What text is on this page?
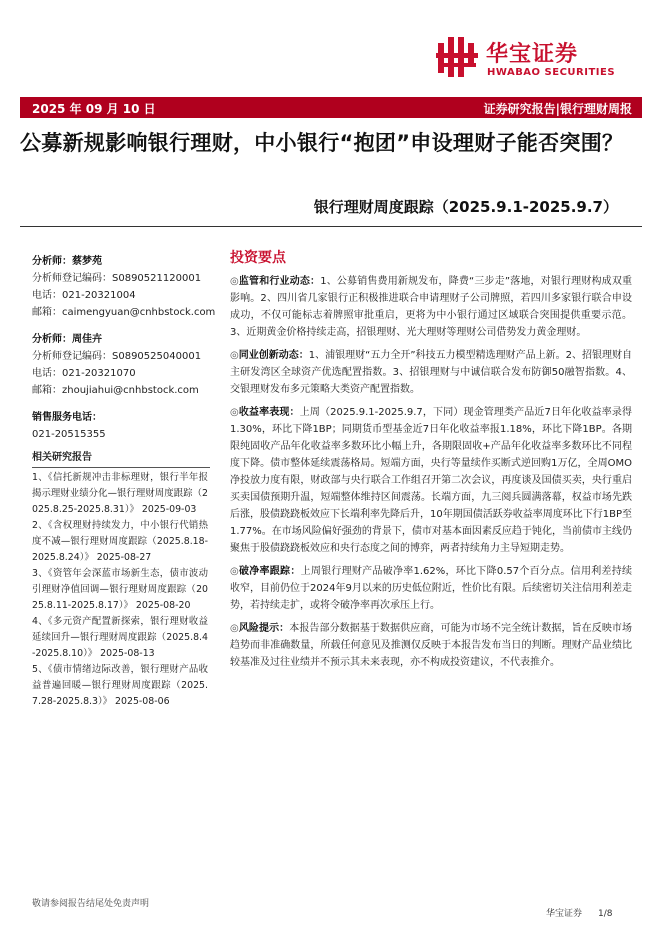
华宝证券
HWABAO SECURITIES
2025 年 09 月 10 日	证券研究报告|银行理财周报
公募新规影响银行理财，中小银行“抱团”申设理财子能否突围？
银行理财周度跟踪（2025.9.1-2025.9.7）
分析师：蔡梦苑
分析师登记编码：S0890521120001
电话：021-20321004
邮箱：caimengyuan@cnhbstock.com
分析师：周佳卉
分析师登记编码：S0890525040001
电话：021-20321070
邮箱：zhoujiahui@cnhbstock.com
销售服务电话：
021-20515355
相关研究报告
1、《信托新规冲击非标理财，银行半年报揭示理财业绩分化—银行理财周度跟踪（2025.8.25-2025.8.31）》 2025-09-03
2、《含权理财持续发力，中小银行代销热度不减—银行理财周度跟踪（2025.8.18-2025.8.24）》 2025-08-27
3、《资管年会深蓝市场新生态，债市波动引理财净值回调—银行理财周度跟踪（2025.8.11-2025.8.17）》 2025-08-20
4、《多元资产配置新探索，银行理财收益延续回升—银行理财周度跟踪（2025.8.4-2025.8.10）》 2025-08-13
5、《债市情绪边际改善，银行理财产品收益普遍回暖—银行理财周度跟踪（2025.7.28-2025.8.3）》 2025-08-06
投资要点
◎监管和行业动态：1、公募销售费用新规发布，降费“三步走”落地，对银行理财构成双重影响。2、四川省几家银行正积极推进联合申请理财子公司牌照，若四川多家银行联合申设成功，不仅可能标志着牌照审批重启，更将为中小银行通过区域联合突围提供重要示范。3、近期黄金价格持续走高，招银理财、光大理财等理财公司借势发力黄金理财。
◎同业创新动态：1、浦银理财“五力全开”科技五力模型精选理财产品上新。2、招银理财自主研发湾区全球资产优选配置指数。3、招银理财与中诚信联合发布防御50融智指数。4、交银理财发布多元策略大类资产配置指数。
◎收益率表现：上周（2025.9.1-2025.9.7，下同）现金管理类产品近7日年化收益率录得1.30%，环比下降1BP；同期货币型基金近7日年化收益率报1.18%，环比下降1BP。各期限纯固收产品年化收益率多数环比小幅上升，各期限固收+产品年化收益率多数环比不同程度下降。债市整体延续震荡格局。短端方面，央行等量续作买断式逆回购1万亿，全周OMO净投放力度有限，财政部与央行联合工作组召开第二次会议，再度谈及国债买卖，央行重启买卖国债预期升温，短端整体维持区间震荡。长端方面，九三阅兵圆满落幕，权益市场先跌后涨，股债跷跷板效应下长端利率先降后升，10年期国债活跃券收益率周度环比下行1BP至1.77%。在市场风险偏好强劲的背景下，债市对基本面因素反应趋于钝化，当前债市主线仍聚焦于股债跷跷板效应和央行态度之间的博弈，两者持续角力主导短期走势。
◎破净率跟踪：上周银行理财产品破净率1.62%，环比下降0.57个百分点。信用利差持续收窄，目前仍位于2024年9月以来的历史低位附近，性价比有限。后续密切关注信用利差走势，若持续走扩，或将令破净率再次承压上行。
◎风险提示：本报告部分数据基于数据供应商，可能为市场不完全统计数据，旨在反映市场趋势而非准确数量，所载任何意见及推测仅反映于本报告发布当日的判断。理财产品业绩比较基准及过往业绩并不预示其未来表现，亦不构成投资建议，不代表推介。
敬请参阅报告结尾处免责声明
华宝证券 1/8
